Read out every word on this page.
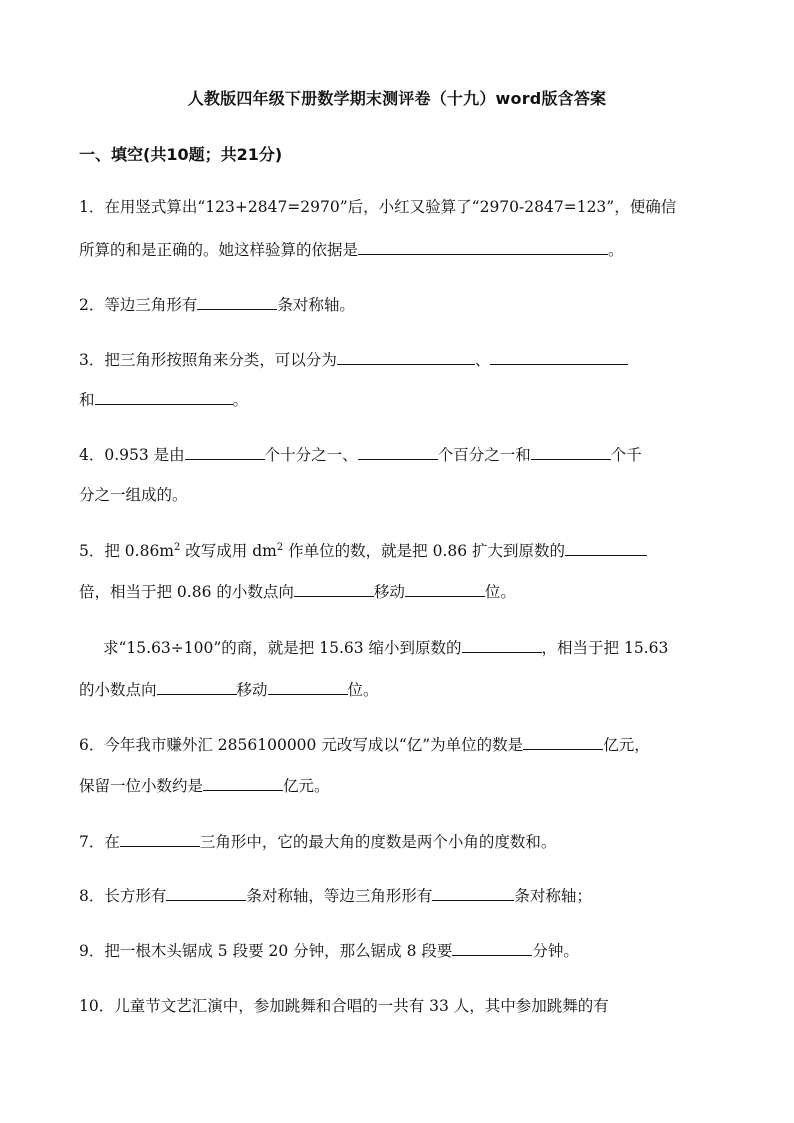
人教版四年级下册数学期末测评卷（十九）word版含答案
一、填空(共10题；共21分)
1．在用竖式算出“123+2847=2970”后，小红又验算了“2970-2847=123”，便确信
所算的和是正确的。她这样验算的依据是	。
2．等边三角形有	条对称轴。
3．把三角形按照角来分类，可以分为	、
和	。
4．0.953 是由	个十分之一、	个百分之一和	个千
分之一组成的。
5．把 $0.86m^2$ 改写成用 $dm^2$ 作单位的数，就是把 0.86 扩大到原数的
倍，相当于把 0.86 的小数点向	移动	位。
求“15.63÷100”的商，就是把 15.63 缩小到原数的	，相当于把 15.63
的小数点向	移动	位。
6．今年我市赚外汇 2856100000 元改写成以“亿”为单位的数是	亿元，
保留一位小数约是	亿元。
7．在	三角形中，它的最大角的度数是两个小角的度数和。
8．长方形有	条对称轴，等边三角形形有	条对称轴；
9．把一根木头锯成 5 段要 20 分钟，那么锯成 8 段要	分钟。
10．儿童节文艺汇演中，参加跳舞和合唱的一共有 33 人，其中参加跳舞的有
